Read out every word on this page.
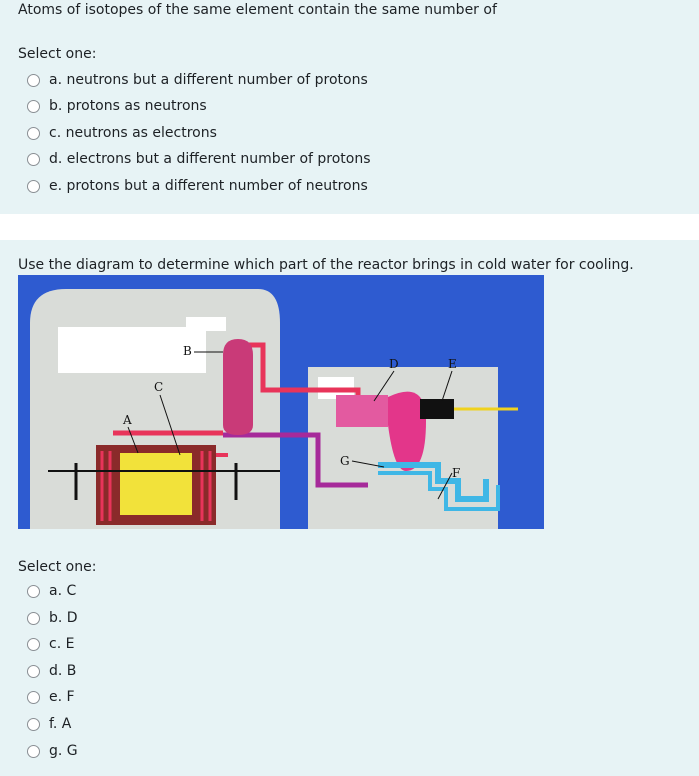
Atoms of isotopes of the same element contain the same number of
Select one:
a. neutrons but a different number of protons
b. protons as neutrons
c. neutrons as electrons
d. electrons but a different number of protons
e. protons but a different number of neutrons
Use the diagram to determine which part of the reactor brings in cold water for cooling.
A
B
C
D	E
F
G
Select one:
a. C
b. D
c. E
d. B
e. F
f. A
g. G
